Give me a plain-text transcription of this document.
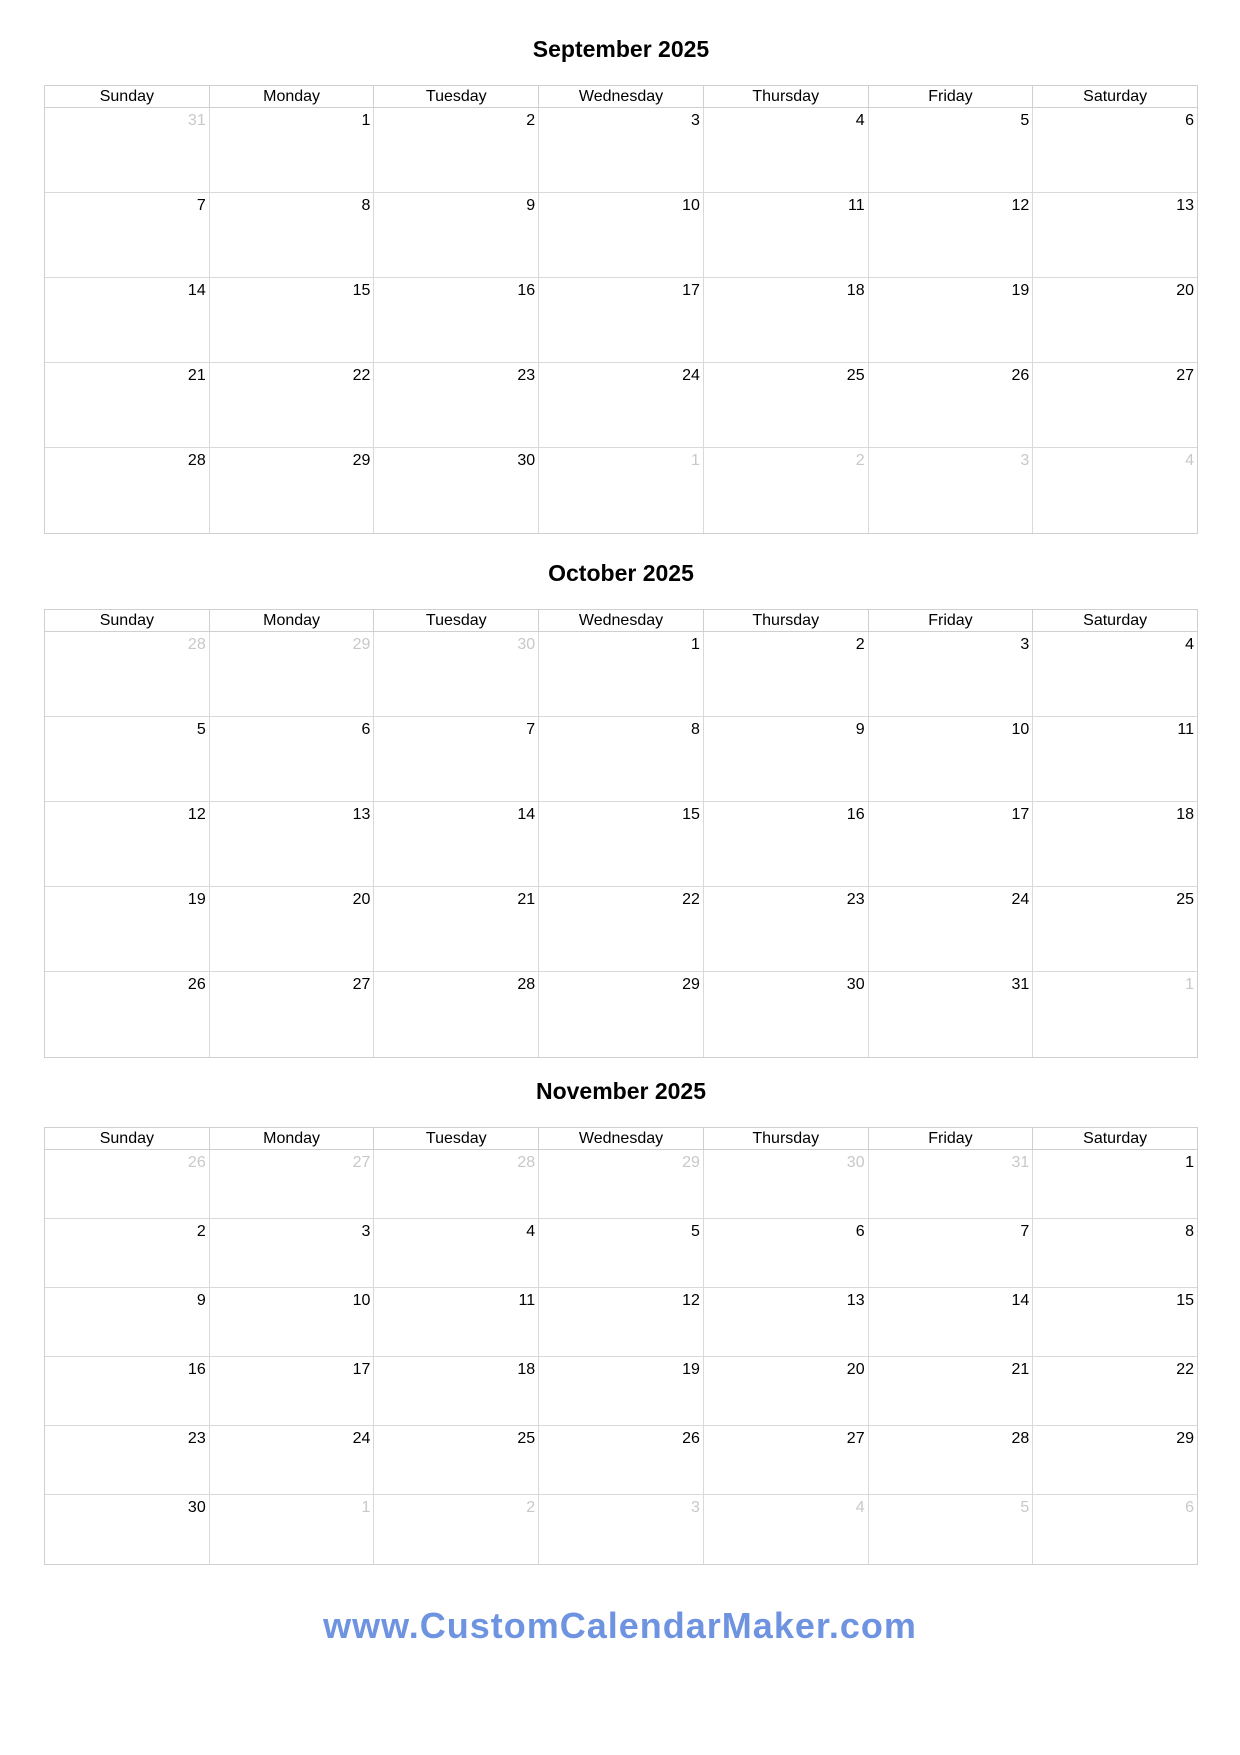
September 2025
Sunday	Monday	Tuesday	Wednesday	Thursday	Friday	Saturday
31	1	2	3	4	5	6
7	8	9	10	11	12	13
14	15	16	17	18	19	20
21	22	23	24	25	26	27
28	29	30	1	2	3	4
October 2025
Sunday	Monday	Tuesday	Wednesday	Thursday	Friday	Saturday
28	29	30	1	2	3	4
5	6	7	8	9	10	11
12	13	14	15	16	17	18
19	20	21	22	23	24	25
26	27	28	29	30	31	1
November 2025
Sunday	Monday	Tuesday	Wednesday	Thursday	Friday	Saturday
26	27	28	29	30	31	1
2	3	4	5	6	7	8
9	10	11	12	13	14	15
16	17	18	19	20	21	22
23	24	25	26	27	28	29
30	1	2	3	4	5	6
www.CustomCalendarMaker.com
